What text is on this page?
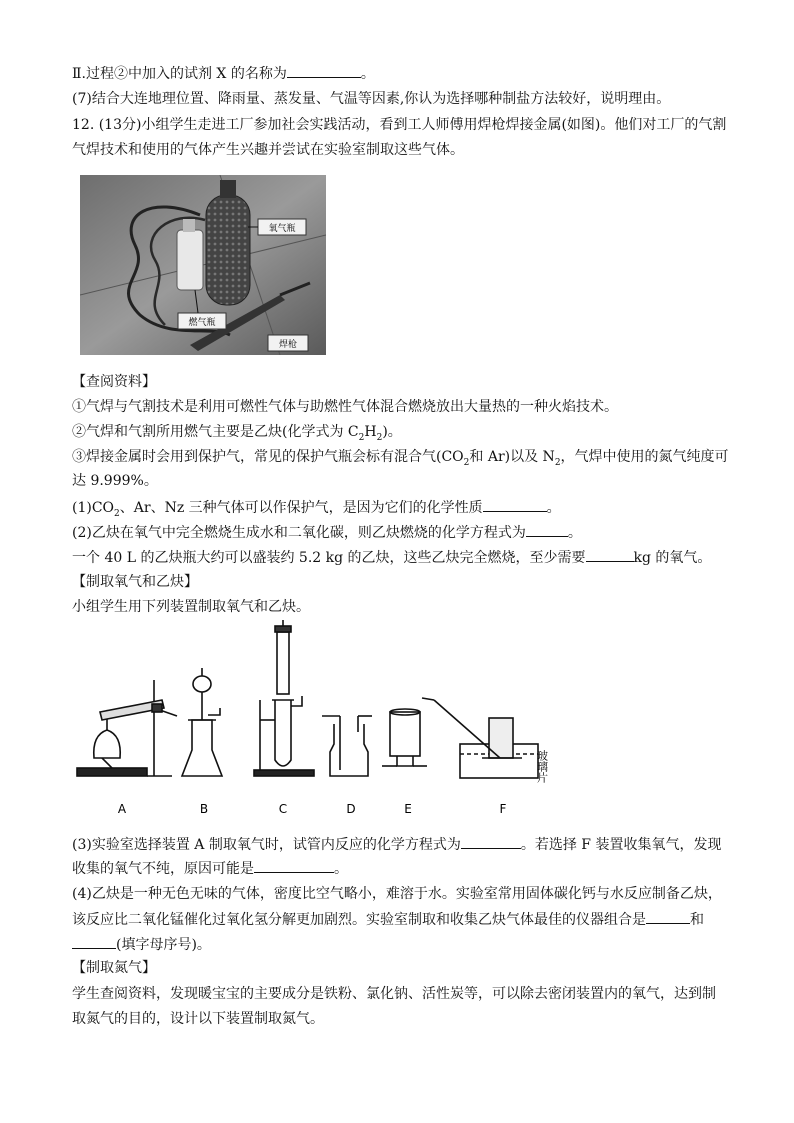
Ⅱ.过程②中加入的试剂 X 的名称为	。
(7)结合大连地理位置、降雨量、蒸发量、气温等因素,你认为选择哪种制盐方法较好，说明理由。
12. (13分)小组学生走进工厂参加社会实践活动，看到工人师傅用焊枪焊接金属(如图)。他们对工厂的气割
气焊技术和使用的气体产生兴趣并尝试在实验室制取这些气体。
氧气瓶
燃气瓶
焊枪
【查阅资料】
①气焊与气割技术是利用可燃性气体与助燃性气体混合燃烧放出大量热的一种火焰技术。
②气焊和气割所用燃气主要是乙炔(化学式为 $C_2H_2$)。
③焊接金属时会用到保护气，常见的保护气瓶会标有混合气($CO_2$和 Ar)以及 $N_2$，气焊中使用的氮气纯度可
达 9.999%。
$(1)CO_2$、Ar、Nz 三种气体可以作保护气，是因为它们的化学性质	。
(2)乙炔在氧气中完全燃烧生成水和二氧化碳，则乙炔燃烧的化学方程式为	。
一个 40 L 的乙炔瓶大约可以盛装约 5.2 kg 的乙炔，这些乙炔完全燃烧，至少需要	kg 的氧气。
【制取氧气和乙炔】
小组学生用下列装置制取氧气和乙炔。
A	B	C	D	E	F
玻璃片
(3)实验室选择装置 A 制取氧气时，试管内反应的化学方程式为	。若选择 F 装置收集氧气，发现
收集的氧气不纯，原因可能是	。
(4)乙炔是一种无色无味的气体，密度比空气略小，难溶于水。实验室常用固体碳化钙与水反应制备乙炔，
该反应比二氧化锰催化过氧化氢分解更加剧烈。实验室制取和收集乙炔气体最佳的仪器组合是	和
(填字母序号)。
【制取氮气】
学生查阅资料，发现暖宝宝的主要成分是铁粉、氯化钠、活性炭等，可以除去密闭装置内的氧气，达到制
取氮气的目的，设计以下装置制取氮气。
